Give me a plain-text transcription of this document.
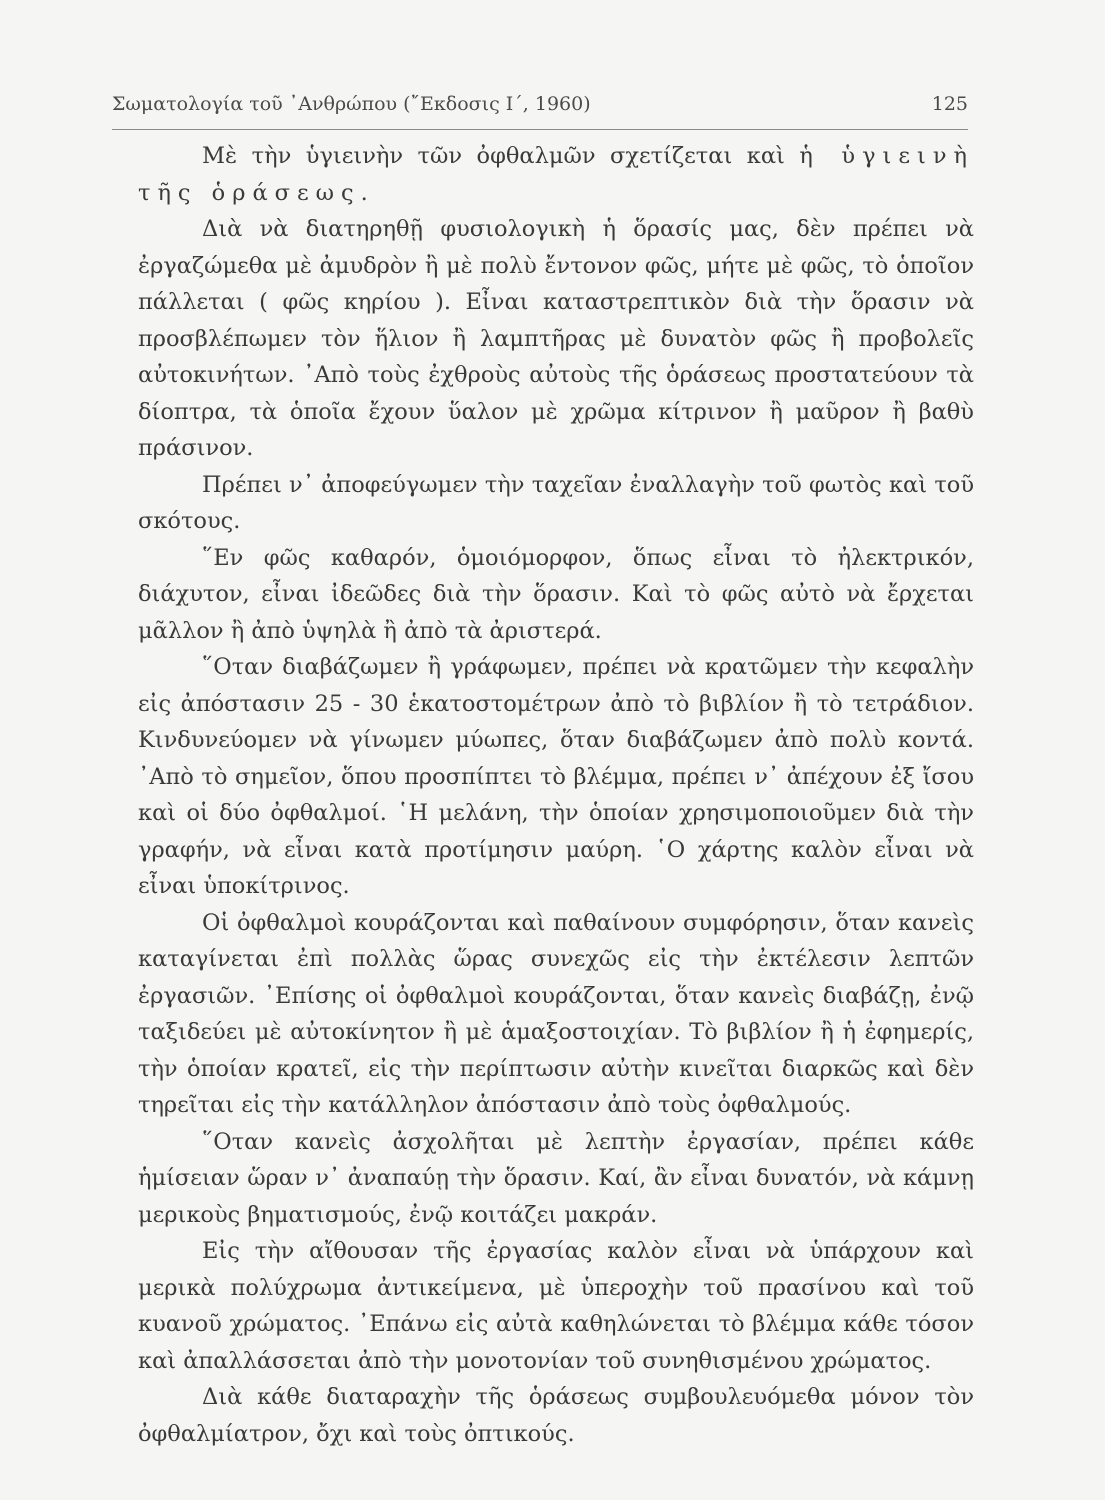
Σωματολογία τοῦ ᾿Ανθρώπου (῎Εκδοσις Ι΄, 1960)	125

Μὲ τὴν ὑγιεινὴν τῶν ὀφθαλμῶν σχετίζεται καὶ ἡ ὑγιεινὴ τῆς ὁράσεως.

Διὰ νὰ διατηρηθῇ φυσιολογικὴ ἡ ὅρασίς μας, δὲν πρέπει νὰ ἐργαζώμεθα μὲ ἀμυδρὸν ἢ μὲ πολὺ ἔντονον φῶς, μήτε μὲ φῶς, τὸ ὁποῖον πάλλεται ( φῶς κηρίου ). Εἶναι καταστρεπτικὸν διὰ τὴν ὅρασιν νὰ προσβλέπωμεν τὸν ἥλιον ἢ λαμπτῆρας μὲ δυνατὸν φῶς ἢ προβολεῖς αὐτοκινήτων. ᾿Απὸ τοὺς ἐχθροὺς αὐτοὺς τῆς ὁράσεως προστατεύουν τὰ δίοπτρα, τὰ ὁποῖα ἔχουν ὕαλον μὲ χρῶμα κίτρινον ἢ μαῦρον ἢ βαθὺ πράσινον.

Πρέπει ν᾿ ἀποφεύγωμεν τὴν ταχεῖαν ἐναλλαγὴν τοῦ φωτὸς καὶ τοῦ σκότους.

῞Εν φῶς καθαρόν, ὁμοιόμορφον, ὅπως εἶναι τὸ ἠλεκτρικόν, διάχυτον, εἶναι ἰδεῶδες διὰ τὴν ὅρασιν. Καὶ τὸ φῶς αὐτὸ νὰ ἔρχεται μᾶλλον ἢ ἀπὸ ὑψηλὰ ἢ ἀπὸ τὰ ἀριστερά.

῞Οταν διαβάζωμεν ἢ γράφωμεν, πρέπει νὰ κρατῶμεν τὴν κεφαλὴν εἰς ἀπόστασιν 25 - 30 ἑκατοστομέτρων ἀπὸ τὸ βιβλίον ἢ τὸ τετράδιον. Κινδυνεύομεν νὰ γίνωμεν μύωπες, ὅταν διαβάζωμεν ἀπὸ πολὺ κοντά. ᾿Απὸ τὸ σημεῖον, ὅπου προσπίπτει τὸ βλέμμα, πρέπει ν᾿ ἀπέχουν ἐξ ἴσου καὶ οἱ δύο ὀφθαλμοί. ῾Η μελάνη, τὴν ὁποίαν χρησιμοποιοῦμεν διὰ τὴν γραφήν, νὰ εἶναι κατὰ προτίμησιν μαύρη. ῾Ο χάρτης καλὸν εἶναι νὰ εἶναι ὑποκίτρινος.

Οἱ ὀφθαλμοὶ κουράζονται καὶ παθαίνουν συμφόρησιν, ὅταν κανεὶς καταγίνεται ἐπὶ πολλὰς ὥρας συνεχῶς εἰς τὴν ἐκτέλεσιν λεπτῶν ἐργασιῶν. ᾿Επίσης οἱ ὀφθαλμοὶ κουράζονται, ὅταν κανεὶς διαβάζῃ, ἐνῷ ταξιδεύει μὲ αὐτοκίνητον ἢ μὲ ἁμαξοστοιχίαν. Τὸ βιβλίον ἢ ἡ ἐφημερίς, τὴν ὁποίαν κρατεῖ, εἰς τὴν περίπτωσιν αὐτὴν κινεῖται διαρκῶς καὶ δὲν τηρεῖται εἰς τὴν κατάλληλον ἀπόστασιν ἀπὸ τοὺς ὀφθαλμούς.

῞Οταν κανεὶς ἀσχολῆται μὲ λεπτὴν ἐργασίαν, πρέπει κάθε ἡμίσειαν ὥραν ν᾿ ἀναπαύῃ τὴν ὅρασιν. Καί, ἂν εἶναι δυνατόν, νὰ κάμνῃ μερικοὺς βηματισμούς, ἐνῷ κοιτάζει μακράν.

Εἰς τὴν αἴθουσαν τῆς ἐργασίας καλὸν εἶναι νὰ ὑπάρχουν καὶ μερικὰ πολύχρωμα ἀντικείμενα, μὲ ὑπεροχὴν τοῦ πρασίνου καὶ τοῦ κυανοῦ χρώματος. ᾿Επάνω εἰς αὐτὰ καθηλώνεται τὸ βλέμμα κάθε τόσον καὶ ἀπαλλάσσεται ἀπὸ τὴν μονοτονίαν τοῦ συνηθισμένου χρώματος.

Διὰ κάθε διαταραχὴν τῆς ὁράσεως συμβουλευόμεθα μόνον τὸν ὀφθαλμίατρον, ὄχι καὶ τοὺς ὀπτικούς.
